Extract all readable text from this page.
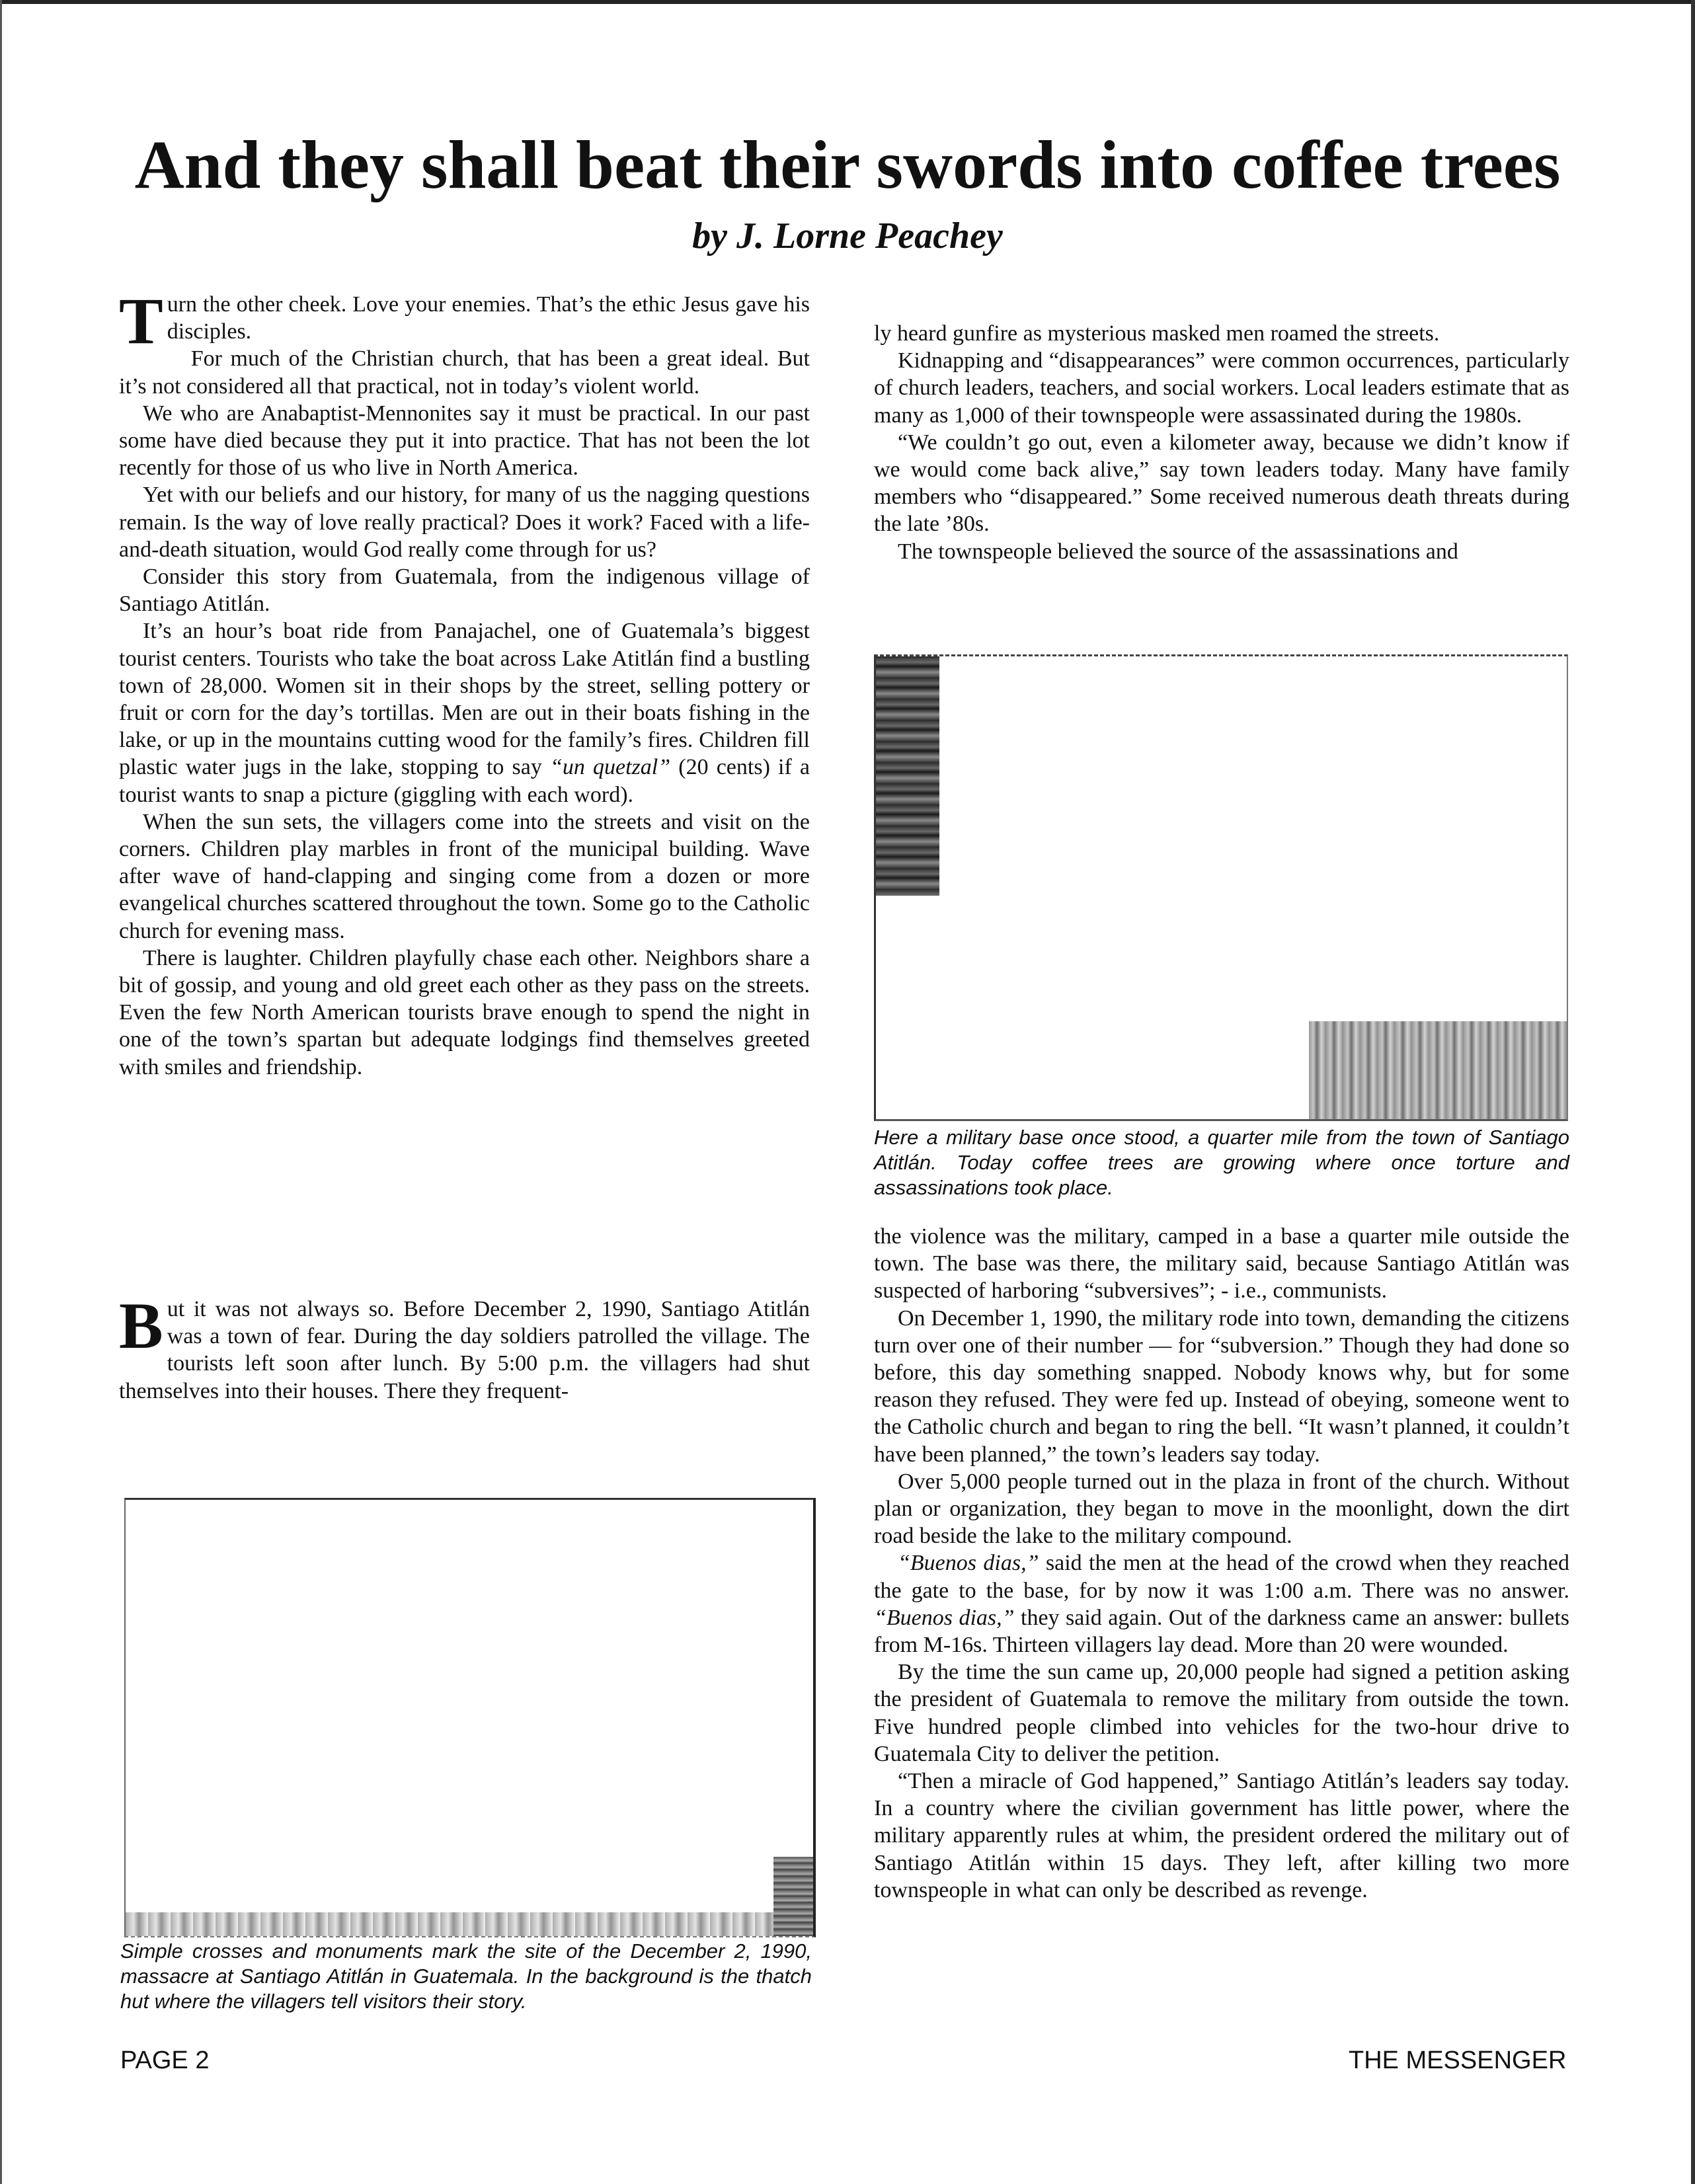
And they shall beat their swords into coffee trees
by J. Lorne Peachey

Turn the other cheek. Love your enemies. That’s the ethic Jesus gave his disciples.

For much of the Christian church, that has been a great ideal. But it’s not considered all that practical, not in today’s violent world.

We who are Anabaptist-Mennonites say it must be practical. In our past some have died because they put it into practice. That has not been the lot recently for those of us who live in North America.

Yet with our beliefs and our history, for many of us the nagging questions remain. Is the way of love really practical? Does it work? Faced with a life-and-death situation, would God really come through for us?

Consider this story from Guatemala, from the indigenous village of Santiago Atitlán.

It’s an hour’s boat ride from Panajachel, one of Guatemala’s biggest tourist centers. Tourists who take the boat across Lake Atitlán find a bustling town of 28,000. Women sit in their shops by the street, selling pottery or fruit or corn for the day’s tortillas. Men are out in their boats fishing in the lake, or up in the mountains cutting wood for the family’s fires. Children fill plastic water jugs in the lake, stopping to say “un quetzal” (20 cents) if a tourist wants to snap a picture (giggling with each word).

When the sun sets, the villagers come into the streets and visit on the corners. Children play marbles in front of the municipal building. Wave after wave of hand-clapping and singing come from a dozen or more evangelical churches scattered throughout the town. Some go to the Catholic church for evening mass.

There is laughter. Children playfully chase each other. Neighbors share a bit of gossip, and young and old greet each other as they pass on the streets. Even the few North American tourists brave enough to spend the night in one of the town’s spartan but adequate lodgings find themselves greeted with smiles and friendship.

But it was not always so. Before December 2, 1990, Santiago Atitlán was a town of fear. During the day soldiers patrolled the village. The tourists left soon after lunch. By 5:00 p.m. the villagers had shut themselves into their houses. There they frequent-

ly heard gunfire as mysterious masked men roamed the streets.

Kidnapping and “disappearances” were common occurrences, particularly of church leaders, teachers, and social workers. Local leaders estimate that as many as 1,000 of their townspeople were assassinated during the 1980s.

“We couldn’t go out, even a kilometer away, because we didn’t know if we would come back alive,” say town leaders today. Many have family members who “disappeared.” Some received numerous death threats during the late ’80s.

The townspeople believed the source of the assassinations and

Here a military base once stood, a quarter mile from the town of Santiago Atitlán. Today coffee trees are growing where once torture and assassinations took place.

the violence was the military, camped in a base a quarter mile outside the town. The base was there, the military said, because Santiago Atitlán was suspected of harboring “subversives”; - i.e., communists.

On December 1, 1990, the military rode into town, demanding the citizens turn over one of their number — for “subversion.” Though they had done so before, this day something snapped. Nobody knows why, but for some reason they refused. They were fed up. Instead of obeying, someone went to the Catholic church and began to ring the bell. “It wasn’t planned, it couldn’t have been planned,” the town’s leaders say today.

Over 5,000 people turned out in the plaza in front of the church. Without plan or organization, they began to move in the moonlight, down the dirt road beside the lake to the military compound.

“Buenos dias,” said the men at the head of the crowd when they reached the gate to the base, for by now it was 1:00 a.m. There was no answer. “Buenos dias,” they said again. Out of the darkness came an answer: bullets from M-16s. Thirteen villagers lay dead. More than 20 were wounded.

By the time the sun came up, 20,000 people had signed a petition asking the president of Guatemala to remove the military from outside the town. Five hundred people climbed into vehicles for the two-hour drive to Guatemala City to deliver the petition.

“Then a miracle of God happened,” Santiago Atitlán’s leaders say today. In a country where the civilian government has little power, where the military apparently rules at whim, the president ordered the military out of Santiago Atitlán within 15 days. They left, after killing two more townspeople in what can only be described as revenge.

Simple crosses and monuments mark the site of the December 2, 1990, massacre at Santiago Atitlán in Guatemala. In the background is the thatch hut where the villagers tell visitors their story.
PAGE 2	THE MESSENGER
